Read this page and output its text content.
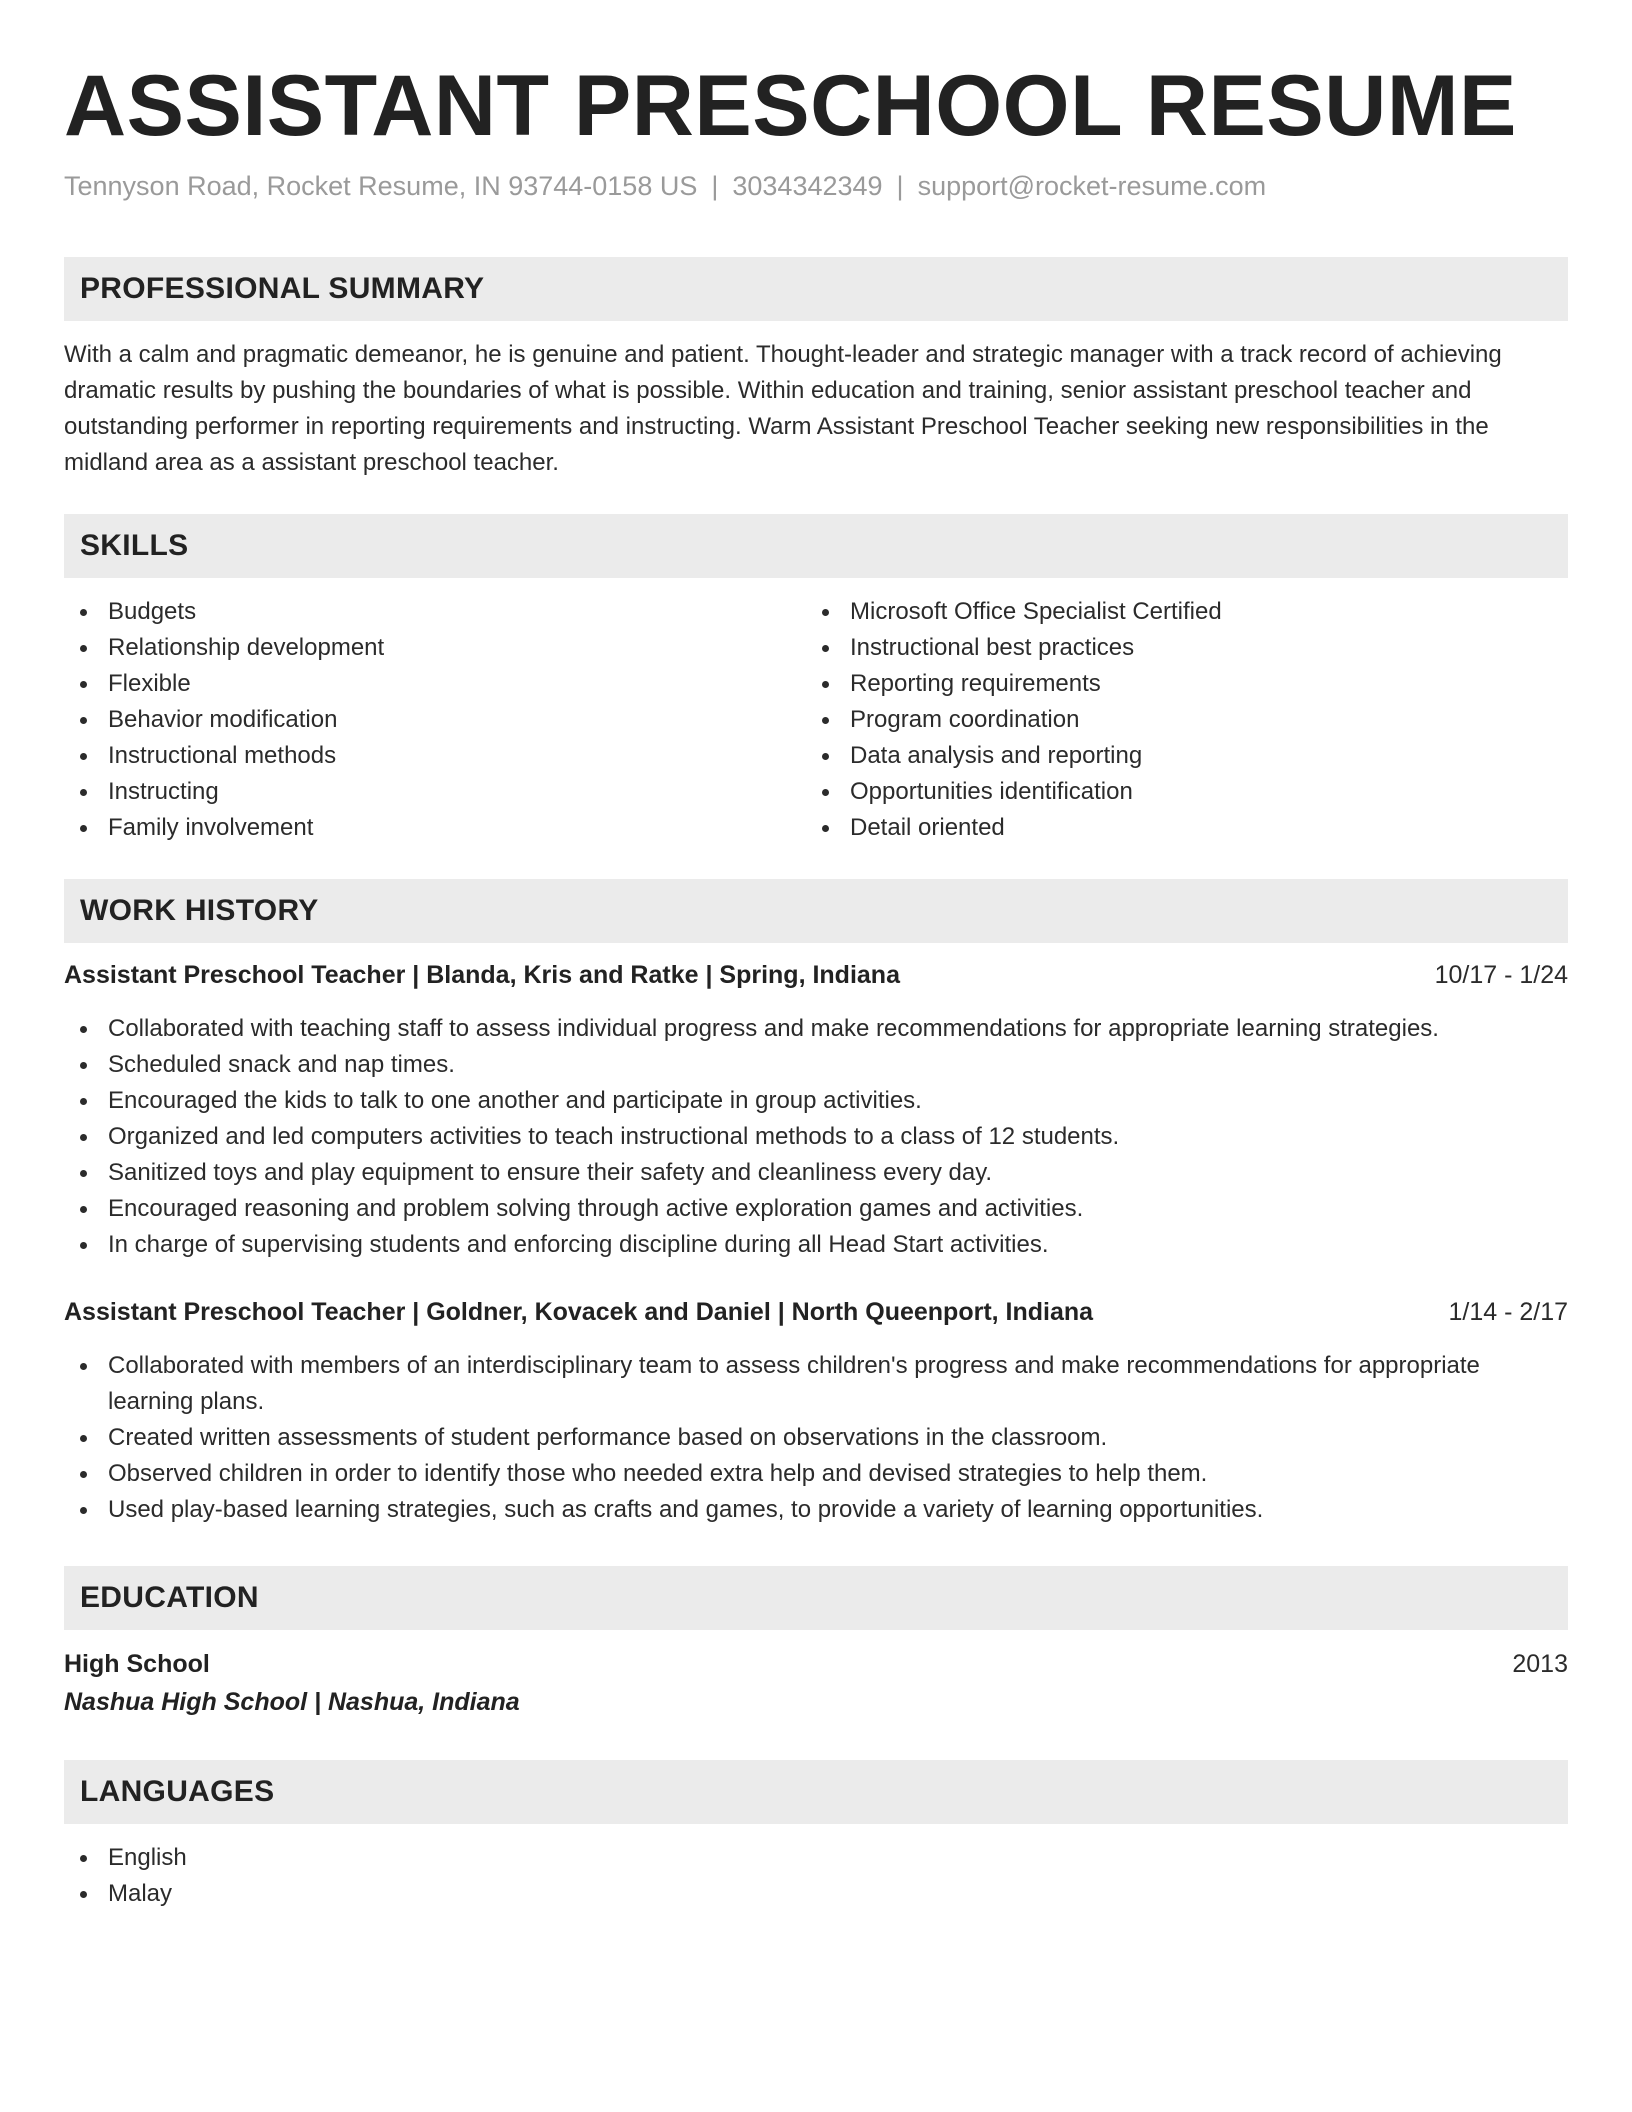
ASSISTANT PRESCHOOL RESUME
Tennyson Road, Rocket Resume, IN 93744-0158 US | 3034342349 | support@rocket-resume.com
PROFESSIONAL SUMMARY

With a calm and pragmatic demeanor, he is genuine and patient. Thought-leader and strategic manager with a track record of achieving dramatic results by pushing the boundaries of what is possible. Within education and training, senior assistant preschool teacher and outstanding performer in reporting requirements and instructing. Warm Assistant Preschool Teacher seeking new responsibilities in the midland area as a assistant preschool teacher.

SKILLS
Budgets
Relationship development
Flexible
Behavior modification
Instructional methods
Instructing
Family involvement
Microsoft Office Specialist Certified
Instructional best practices
Reporting requirements
Program coordination
Data analysis and reporting
Opportunities identification
Detail oriented
WORK HISTORY
Assistant Preschool Teacher | Blanda, Kris and Ratke | Spring, Indiana	10/17 - 1/24
Collaborated with teaching staff to assess individual progress and make recommendations for appropriate learning strategies.
Scheduled snack and nap times.
Encouraged the kids to talk to one another and participate in group activities.
Organized and led computers activities to teach instructional methods to a class of 12 students.
Sanitized toys and play equipment to ensure their safety and cleanliness every day.
Encouraged reasoning and problem solving through active exploration games and activities.
In charge of supervising students and enforcing discipline during all Head Start activities.
Assistant Preschool Teacher | Goldner, Kovacek and Daniel | North Queenport, Indiana	1/14 - 2/17
Collaborated with members of an interdisciplinary team to assess children's progress and make recommendations for appropriate learning plans.
Created written assessments of student performance based on observations in the classroom.
Observed children in order to identify those who needed extra help and devised strategies to help them.
Used play-based learning strategies, such as crafts and games, to provide a variety of learning opportunities.
EDUCATION
High School	2013
Nashua High School | Nashua, Indiana
LANGUAGES
English
Malay
